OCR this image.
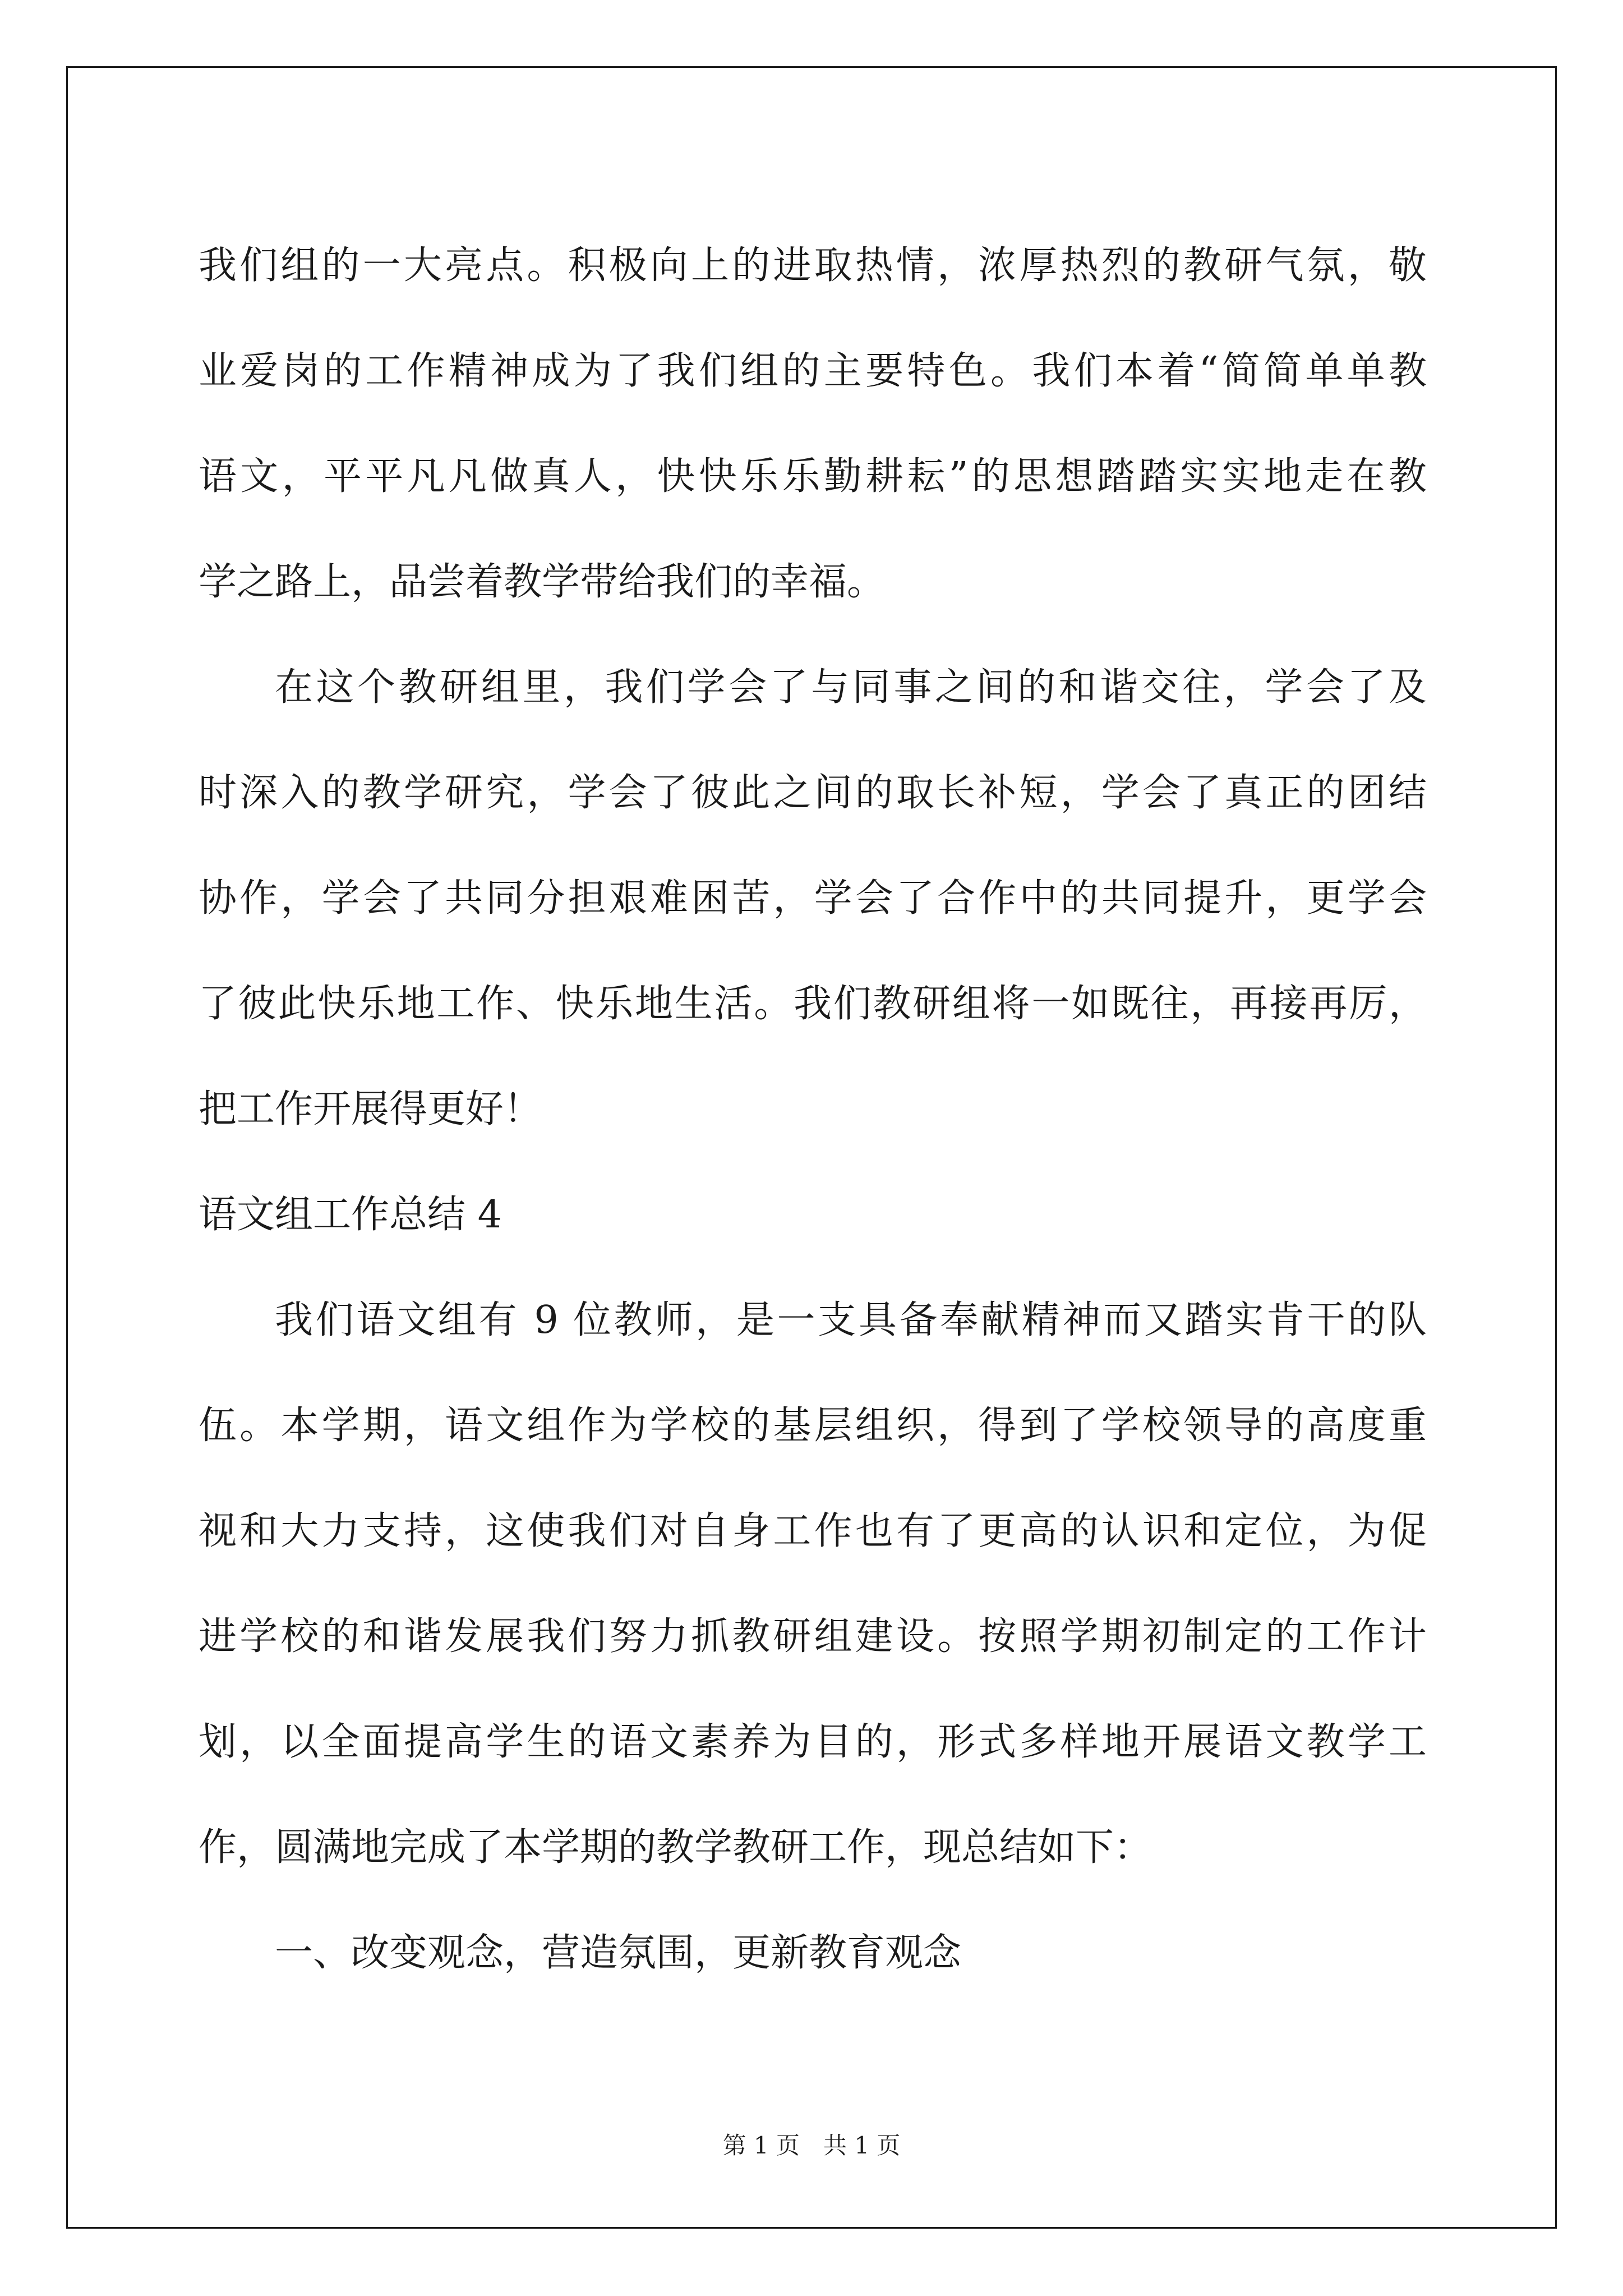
我们组的一大亮点。积极向上的进取热情，浓厚热烈的教研气氛，敬
业爱岗的工作精神成为了我们组的主要特色。我们本着“简简单单教
语文，平平凡凡做真人，快快乐乐勤耕耘”的思想踏踏实实地走在教
学之路上，品尝着教学带给我们的幸福。
在这个教研组里，我们学会了与同事之间的和谐交往，学会了及
时深入的教学研究，学会了彼此之间的取长补短，学会了真正的团结
协作，学会了共同分担艰难困苦，学会了合作中的共同提升，更学会
了彼此快乐地工作、快乐地生活。我们教研组将一如既往，再接再厉，
把工作开展得更好！
语文组工作总结 4
我们语文组有 9 位教师，是一支具备奉献精神而又踏实肯干的队
伍。本学期，语文组作为学校的基层组织，得到了学校领导的高度重
视和大力支持，这使我们对自身工作也有了更高的认识和定位，为促
进学校的和谐发展我们努力抓教研组建设。按照学期初制定的工作计
划，以全面提高学生的语文素养为目的，形式多样地开展语文教学工
作，圆满地完成了本学期的教学教研工作，现总结如下：
一、改变观念，营造氛围，更新教育观念
第 1 页　共 1 页
